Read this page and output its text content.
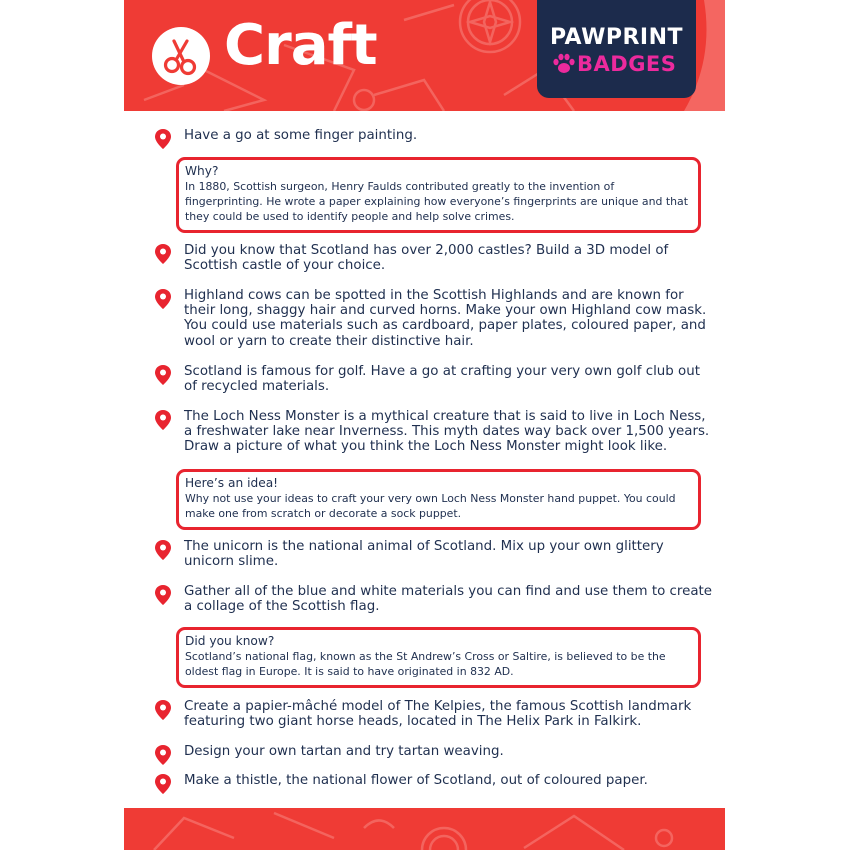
Craft	PAWPRINT
BADGES
Have a go at some finger painting.
Why?
In 1880, Scottish surgeon, Henry Faulds contributed greatly to the invention of fingerprinting. He wrote a paper explaining how everyone’s fingerprints are unique and that they could be used to identify people and help solve crimes.
Did you know that Scotland has over 2,000 castles? Build a 3D model of Scottish castle of your choice.
Highland cows can be spotted in the Scottish Highlands and are known for their long, shaggy hair and curved horns. Make your own Highland cow mask. You could use materials such as cardboard, paper plates, coloured paper, and wool or yarn to create their distinctive hair.
Scotland is famous for golf. Have a go at crafting your very own golf club out of recycled materials.
The Loch Ness Monster is a mythical creature that is said to live in Loch Ness, a freshwater lake near Inverness. This myth dates way back over 1,500 years. Draw a picture of what you think the Loch Ness Monster might look like.
Here’s an idea!
Why not use your ideas to craft your very own Loch Ness Monster hand puppet. You could make one from scratch or decorate a sock puppet.
The unicorn is the national animal of Scotland. Mix up your own glittery unicorn slime.
Gather all of the blue and white materials you can find and use them to create a collage of the Scottish flag.
Did you know?
Scotland’s national flag, known as the St Andrew’s Cross or Saltire, is believed to be the oldest flag in Europe. It is said to have originated in 832 AD.
Create a papier-mâché model of The Kelpies, the famous Scottish landmark featuring two giant horse heads, located in The Helix Park in Falkirk.
Design your own tartan and try tartan weaving.
Make a thistle, the national flower of Scotland, out of coloured paper.
